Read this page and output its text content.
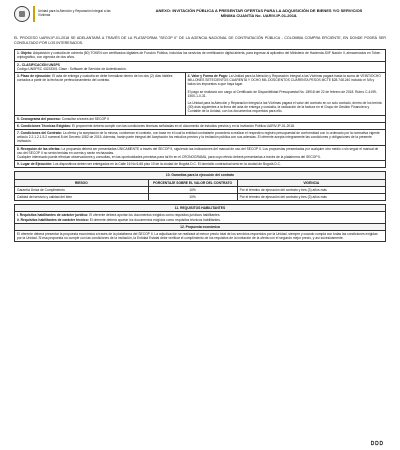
Unidad para la Atención y Reparación Integral a las Víctimas
ANEXO: INVITACIÓN PÚBLICA A PRESENTAR OFERTAS PARA LA ADQUISICIÓN DE BIENES Y/O SERVICIOS
MÍNIMA CUANTÍA No. UARIV-IP-01-2018.
EL PROCESO UARIV-IP-01-2018 SE ADELANTARÁ A TRAVÉS DE LA PLATAFORMA "SECOP II" DE LA AGENCIA NACIONAL DE CONTRATACIÓN PÚBLICA - COLOMBIA COMPRA EFICIENTE, EN DONDE PODRÁ SER CONSULTADO POR LOS INTERESADOS.
1. Objeto: Adquisición y custodia de ochenta (80) TOKEN con certificados digitales de Función Pública, incluidos los servicios de certificación digital abierta, para ingresar al aplicativo del Ministerio de Hacienda-SIIF Nación II, almacenados en Token criptográfico, con vigencia de dos años.

2.- CLASIFICACIÓN UNSPS
Código UNSPSC 43233301 Clase : Software de Servidor de Autenticación.

3. Plazo de ejecución: El acta de entrega y custodia se debe formalizar dentro de los dos (2) días hábiles contados a partir de la fecha de perfeccionamiento del contrato.	
4. Valor y Forma de Pago: La Unidad para la Atención y Reparación Integral a las Víctimas pagará hasta la suma de VEINTIOCHO MILLONES SETECIENTOS CUARENTA Y OCHO MIL DOSCIENTOS CUARENTA PESOS MCTE $28.748.240 incluido el IVA y todos los impuestos a que haya lugar.
El pago se realizará con cargo al Certificado de Disponibilidad Presupuestal No. 18918 del 22 de febrero de 2018. Rubro C-4199-1500-1-0-31.
La Unidad para la Atención y Reparación Integral a las Víctimas pagará el valor del contrato en un solo contado, dentro de los treinta (30) días siguientes a la firma del acta de entrega y custodia, la radicación de la factura en el Grupo de Gestión Financiera y Contable de la Unidad, con los documentos requeridos para ello.

5. Cronograma del proceso: Consultar a través del SECOP II
6. Condiciones Técnicas Exigidas: El proponente deberá cumplir con las condiciones técnicas señaladas en el documento de estudios previos y en la Invitación Pública UARIV-IP-01-2018.
7. Condiciones del Contrato: La oferta y la aceptación de la misma, conforman el contrato, con base en el cual la entidad contratante procederá a realizar el respectivo registro presupuestal de conformidad con lo ordenado por la normativa vigente artículo 2.2.1.2.1.5.2 numeral 8 del Decreto 1082 de 2015. Además, harán parte integral del Aceptación los estudios previos y la invitación pública con sus adendas. El oferente acepta íntegramente las condiciones y obligaciones de la presente invitación.
8. Recepción de las ofertas: La propuesta deberá ser presentadas ÚNICAMENTE a través del SECOP II, siguiendo las indicaciones del manual de uso del SECOP II. Los propuestas presentadas por cualquier otro medio o sin seguir el manual de uso del SECOP II no serán tenidas en cuenta y serán rechazadas.
Cualquier interesado puede efectuar observaciones y consultas, en las oportunidades previstas para tal fin en el CRONOGRAMA, para cuyo efecto deberá presentarlas a través de la plataforma del SECOP II.

9. Lugar de Ejecución: Los dispositivos deben ser entregados en la Calle 16 No 6-66 piso 19 de la ciudad de Bogotá D.C. El domicilio contractual será en la ciudad de Bogotá D.C.
10. Garantías para la ejecución del contrato		
RIESGO	PORCENTAJE SOBRE EL VALOR DEL CONTRATO	VIGENCIA
Garantía Única de Cumplimiento	10%	Por el término de ejecución del contrato y tres (3) años más
Calidad del servicio y calidad del bien	10%	Por el término de ejecución del contrato y tres (3) años más
11. REQUISITOS HABILITANTES

i. Requisitos habilitantes de carácter jurídico: El oferente deberá aportar los documentos exigidos como requisitos jurídicos habilitantes.
ii. Requisitos habilitantes de carácter técnico: El oferente deberá aportar los documentos exigidos como requisitos técnicos habilitantes.

12. Propuesta económica
El oferente deberá presentar la propuesta económica a través de la plataforma del SECOP II. La adjudicación se realizará al menor precio total de los servicios requeridos por la Unidad, siempre y cuando cumpla con todas las condiciones exigidas por la Unidad. Si esa propuesta no cumple con las condiciones de la invitación, la Entidad Estatal debe verificar el cumplimiento de los requisitos de la invitación de la oferta con el segundo mejor precio, y así sucesivamente.
ᎠᎠᎠ
